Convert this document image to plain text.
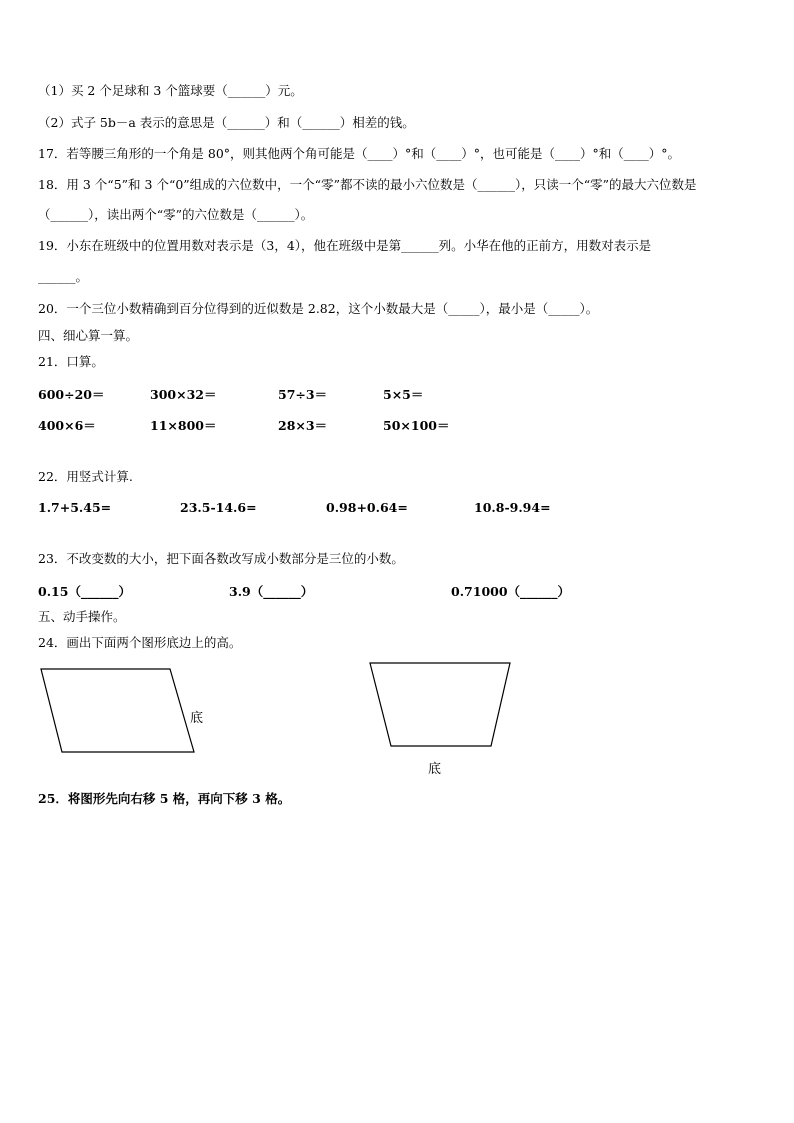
（1）买 2 个足球和 3 个篮球要（______）元。
（2）式子 5b－a 表示的意思是（______）和（______）相差的钱。
17．若等腰三角形的一个角是 80°，则其他两个角可能是（____）°和（____）°，也可能是（____）°和（____）°。
18．用 3 个“5”和 3 个“0”组成的六位数中，一个“零”都不读的最小六位数是（______），只读一个“零”的最大六位数是
（______），读出两个“零”的六位数是（______）。
19．小东在班级中的位置用数对表示是（3，4），他在班级中是第______列。小华在他的正前方，用数对表示是
______。
20．一个三位小数精确到百分位得到的近似数是 2.82，这个小数最大是（_____），最小是（_____）。
四、细心算一算。
21．口算。
600÷20＝	300×32＝	57÷3＝	5×5＝
400×6＝	11×800＝	28×3＝	50×100＝
22．用竖式计算.
1.7+5.45=	23.5-14.6=	0.98+0.64=	10.8-9.94=
23．不改变数的大小，把下面各数改写成小数部分是三位的小数。
0.15（______）	3.9（______）	0.71000（______）
五、动手操作。
24．画出下面两个图形底边上的高。
底
底
25．将图形先向右移 5 格，再向下移 3 格。
